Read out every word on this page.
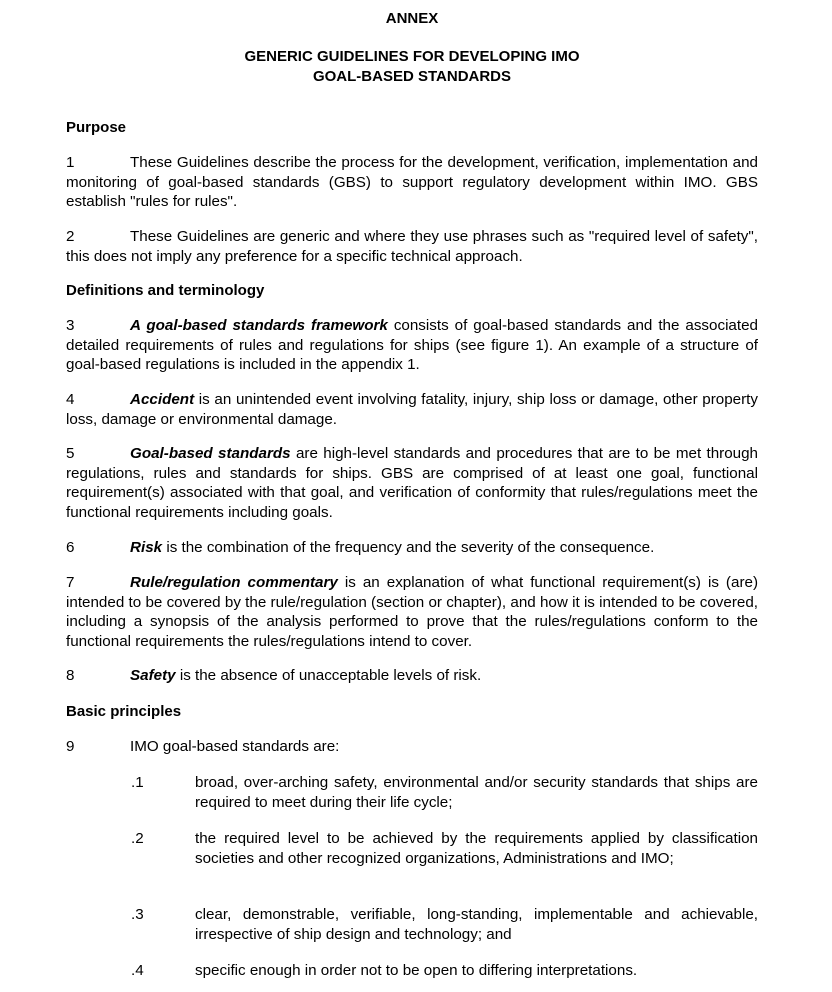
ANNEX
GENERIC GUIDELINES FOR DEVELOPING IMO
GOAL-BASED STANDARDS
Purpose
1	These Guidelines describe the process for the development, verification, implementation and monitoring of goal-based standards (GBS) to support regulatory development within IMO. GBS establish "rules for rules".
2	These Guidelines are generic and where they use phrases such as "required level of safety", this does not imply any preference for a specific technical approach.
Definitions and terminology
3	A goal-based standards framework consists of goal-based standards and the associated detailed requirements of rules and regulations for ships (see figure 1). An example of a structure of goal-based regulations is included in the appendix 1.
4	Accident is an unintended event involving fatality, injury, ship loss or damage, other property loss, damage or environmental damage.
5	Goal-based standards are high-level standards and procedures that are to be met through regulations, rules and standards for ships. GBS are comprised of at least one goal, functional requirement(s) associated with that goal, and verification of conformity that rules/regulations meet the functional requirements including goals.
6	Risk is the combination of the frequency and the severity of the consequence.
7	Rule/regulation commentary is an explanation of what functional requirement(s) is (are) intended to be covered by the rule/regulation (section or chapter), and how it is intended to be covered, including a synopsis of the analysis performed to prove that the rules/regulations conform to the functional requirements the rules/regulations intend to cover.
8	Safety is the absence of unacceptable levels of risk.
Basic principles
9	IMO goal-based standards are:
.1	broad, over-arching safety, environmental and/or security standards that ships are required to meet during their life cycle;
.2	the required level to be achieved by the requirements applied by classification societies and other recognized organizations, Administrations and IMO;
.3	clear, demonstrable, verifiable, long-standing, implementable and achievable, irrespective of ship design and technology; and
.4	specific enough in order not to be open to differing interpretations.
